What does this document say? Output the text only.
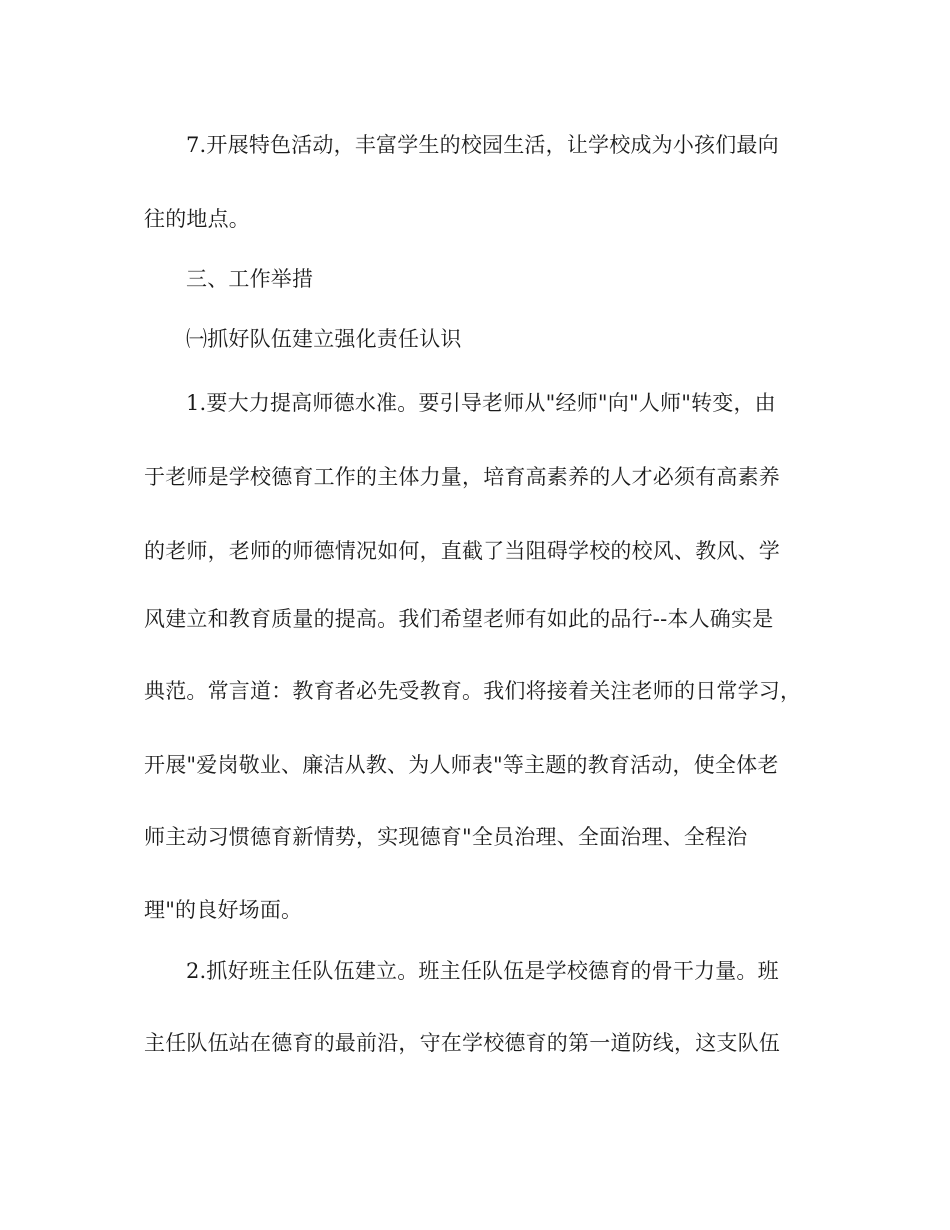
7.开展特色活动，丰富学生的校园生活，让学校成为小孩们最向
往的地点。
三、工作举措
㈠抓好队伍建立强化责任认识
1.要大力提高师德水准。要引导老师从"经师"向"人师"转变，由
于老师是学校德育工作的主体力量，培育高素养的人才必须有高素养
的老师，老师的师德情况如何，直截了当阻碍学校的校风、教风、学
风建立和教育质量的提高。我们希望老师有如此的品行--本人确实是
典范。常言道：教育者必先受教育。我们将接着关注老师的日常学习，
开展"爱岗敬业、廉洁从教、为人师表"等主题的教育活动，使全体老
师主动习惯德育新情势，实现德育"全员治理、全面治理、全程治
理"的良好场面。
2.抓好班主任队伍建立。班主任队伍是学校德育的骨干力量。班
主任队伍站在德育的最前沿，守在学校德育的第一道防线，这支队伍
